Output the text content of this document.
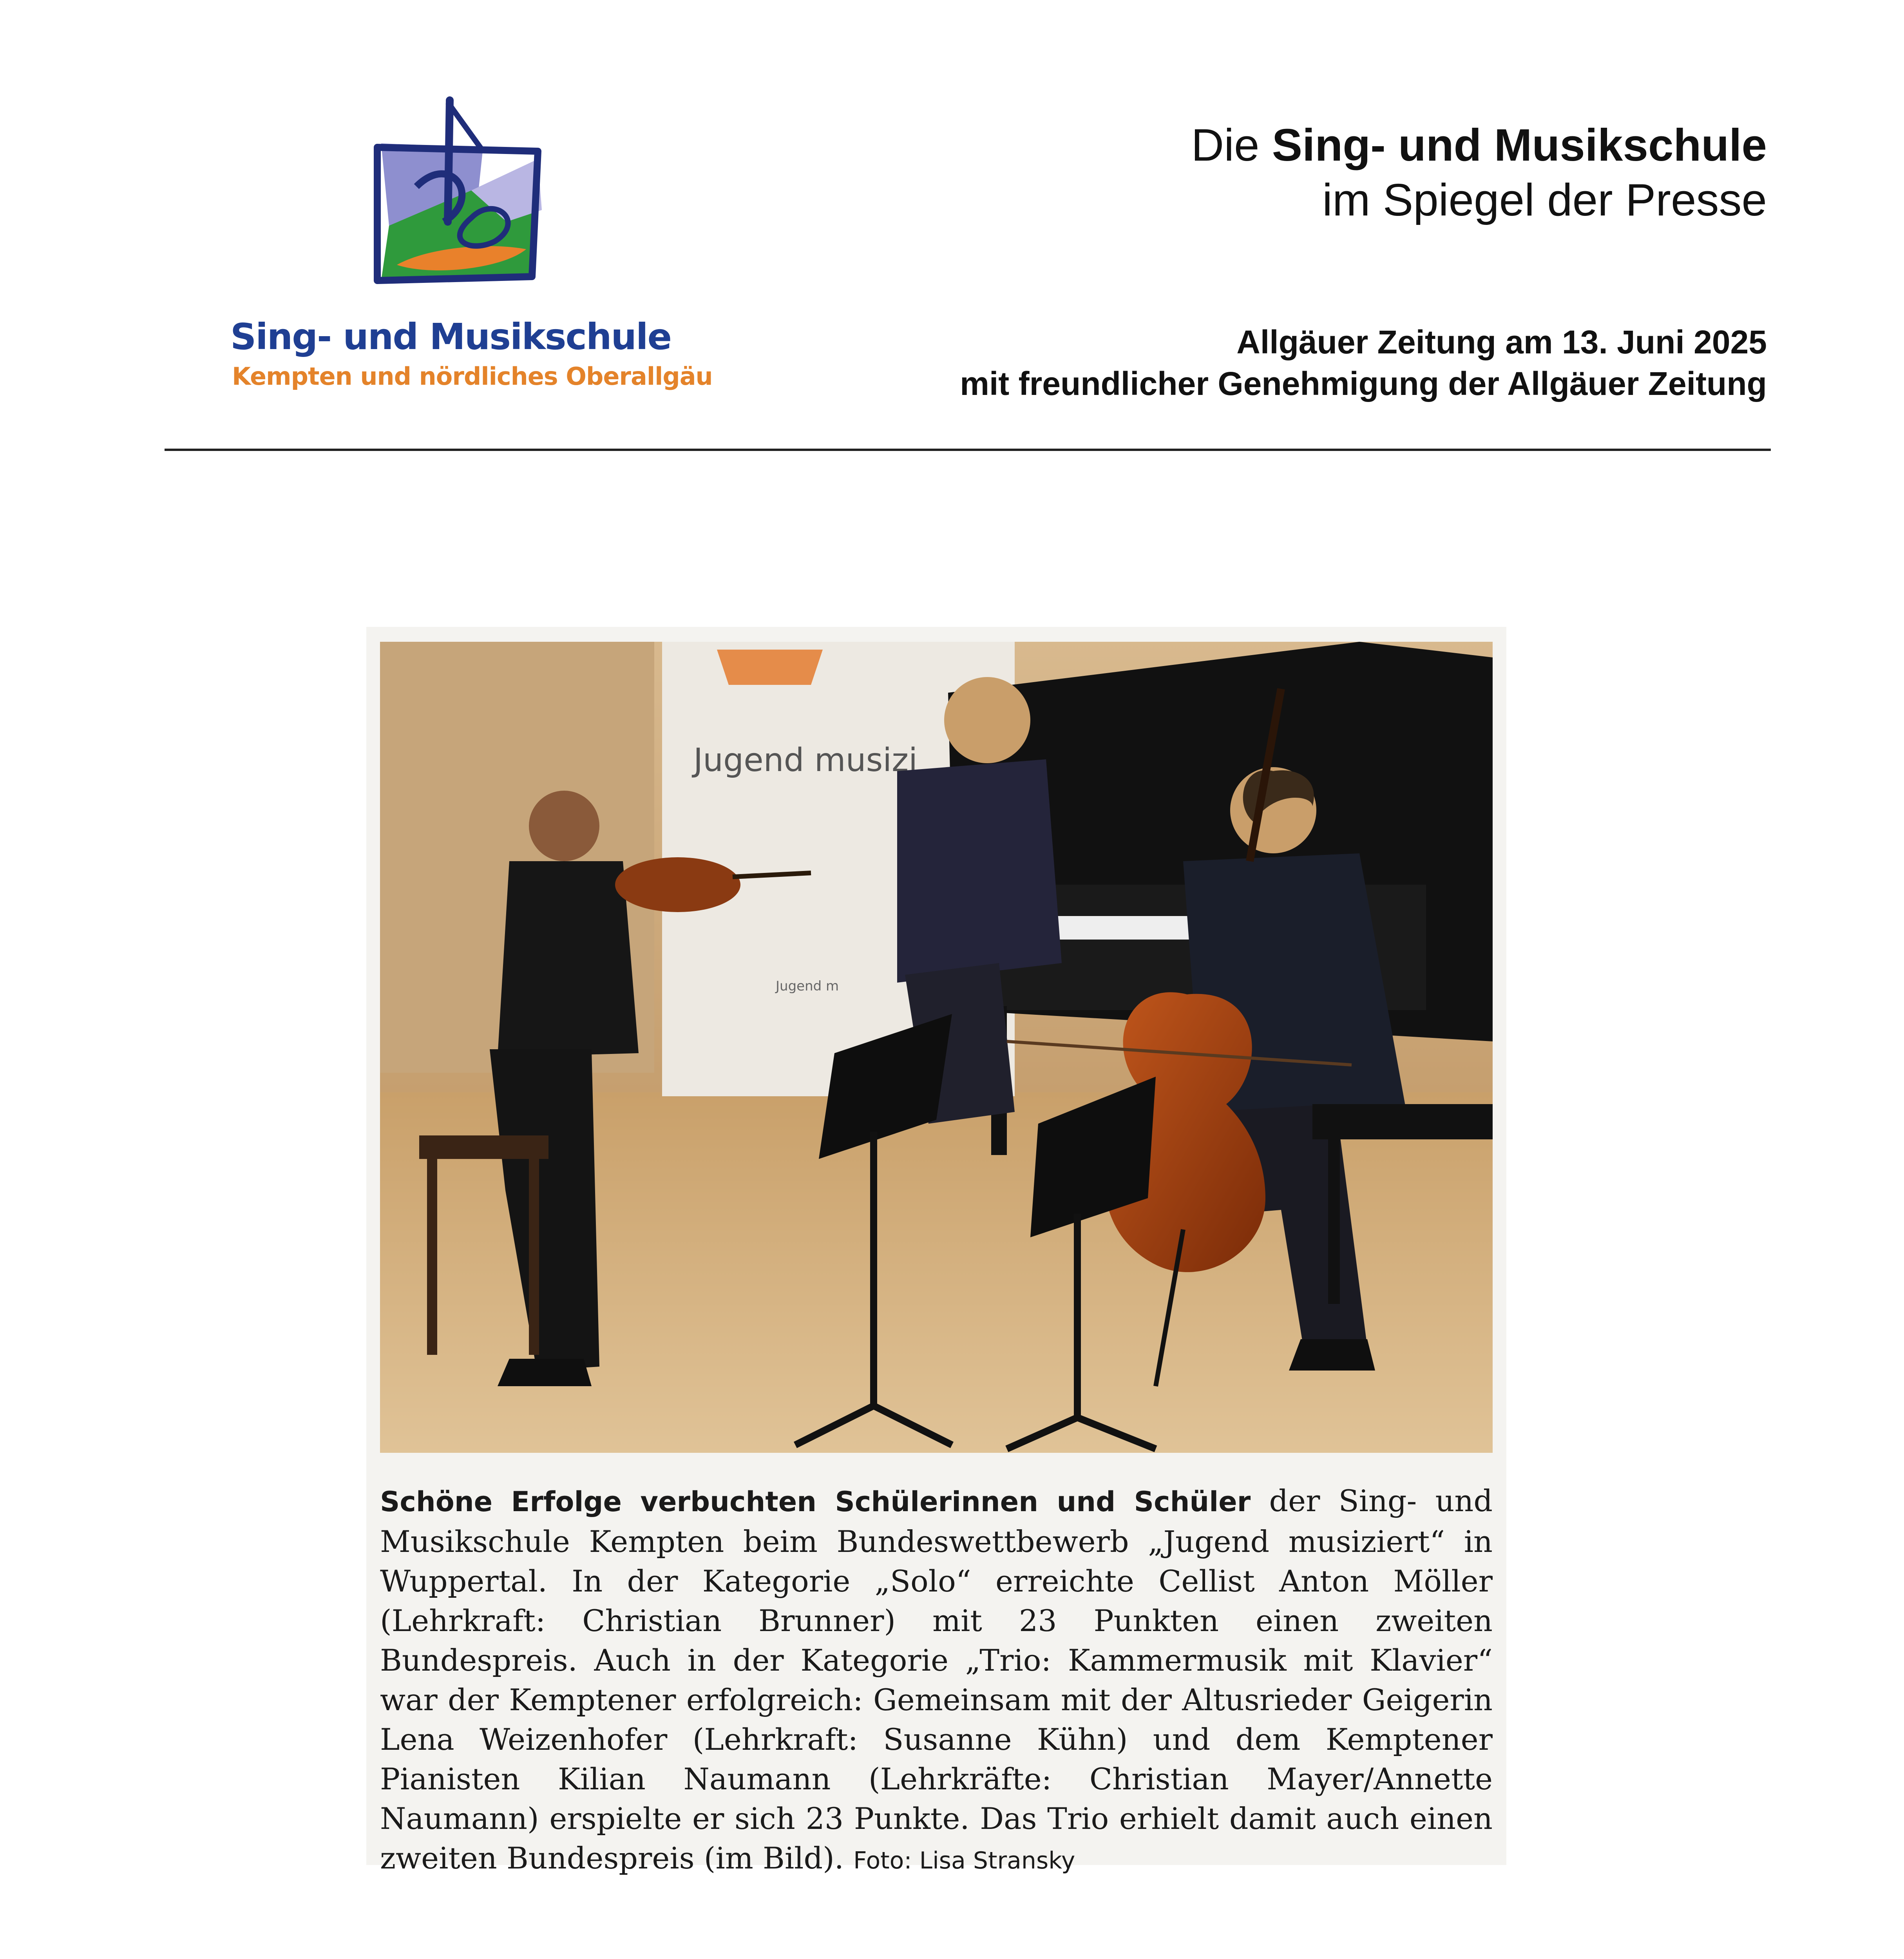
Sing- und Musikschule
Kempten und nördliches Oberallgäu
Die Sing- und Musikschule
im Spiegel der Presse
Allgäuer Zeitung am 13. Juni 2025
mit freundlicher Genehmigung der Allgäuer Zeitung
Jugend musizi
Jugend m
Schöne Erfolge verbuchten Schülerinnen und Schüler der Sing- und Musikschule Kempten beim Bundeswettbewerb „Jugend musiziert“ in Wuppertal. In der Kategorie „Solo“ erreichte Cellist Anton Möller (Lehrkraft: Christian Brunner) mit 23 Punkten einen zweiten Bundespreis. Auch in der Kategorie „Trio: Kammermusik mit Klavier“ war der Kemptener erfolgreich: Gemeinsam mit der Altusrieder Geigerin Lena Weizenhofer (Lehrkraft: Susanne Kühn) und dem Kemptener Pianisten Kilian Naumann (Lehrkräfte: Christian Mayer/Annette Naumann) erspielte er sich 23 Punkte. Das Trio erhielt damit auch einen zweiten Bundespreis (im Bild). Foto: Lisa Stransky
